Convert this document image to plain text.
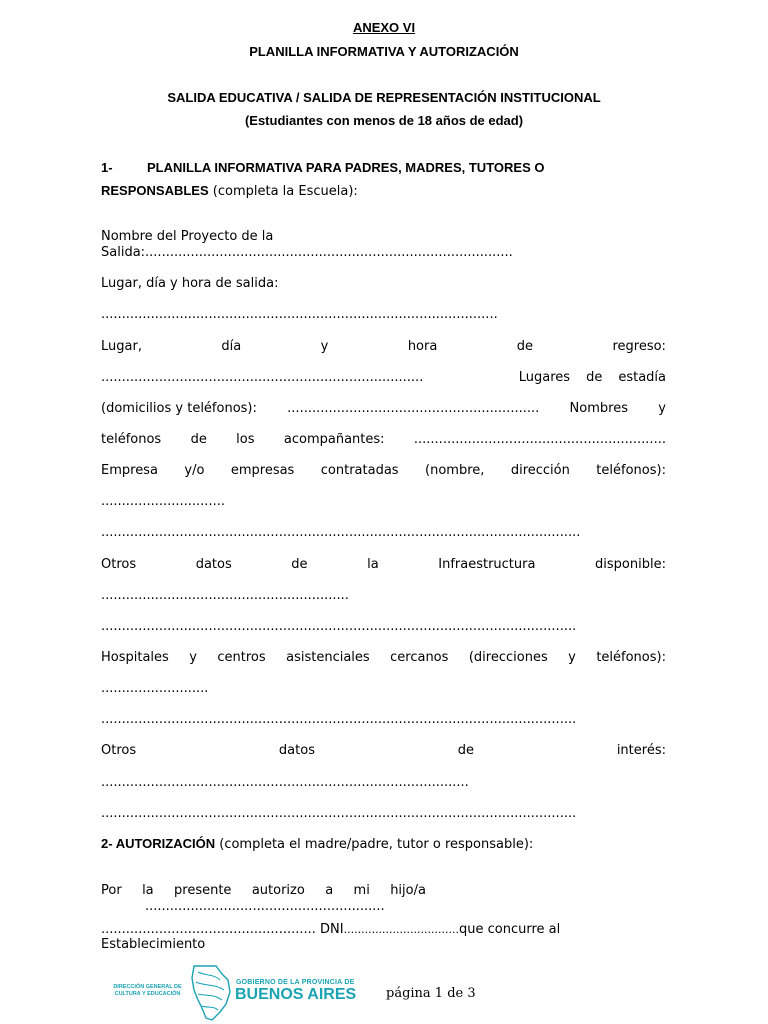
ANEXO VI
PLANILLA INFORMATIVA Y AUTORIZACIÓN
SALIDA EDUCATIVA / SALIDA DE REPRESENTACIÓN INSTITUCIONAL
(Estudiantes con menos de 18 años de edad)
1-	PLANILLA INFORMATIVA PARA PADRES, MADRES, TUTORES O
RESPONSABLES (completa la Escuela):
Nombre del Proyecto de la
Salida:.........................................................................................
Lugar, día y hora de salida:
................................................................................................
Lugar,	día	y	hora	de	regreso:
..............................................................................	Lugares de estadía
(domicilios y teléfonos): ............................................................. Nombres y
teléfonos de los acompañantes: .............................................................
Empresa y/o empresas contratadas (nombre, dirección teléfonos):
..............................
....................................................................................................................
Otros	datos	de	la	Infraestructura	disponible:
............................................................
...................................................................................................................
Hospitales y centros asistenciales cercanos (direcciones y teléfonos):
..........................
...................................................................................................................
Otros	datos	de	interés:
.........................................................................................
...................................................................................................................
2- AUTORIZACIÓN (completa el madre/padre, tutor o responsable):
Por la presente autorizo a mi hijo/a
..........................................................
.................................................... DNI.................................que concurre al
Establecimiento
DIRECCIÓN GENERAL DE
CULTURA Y EDUCACIÓN
GOBIERNO DE LA PROVINCIA DE
BUENOS AIRES página 1 de 3
